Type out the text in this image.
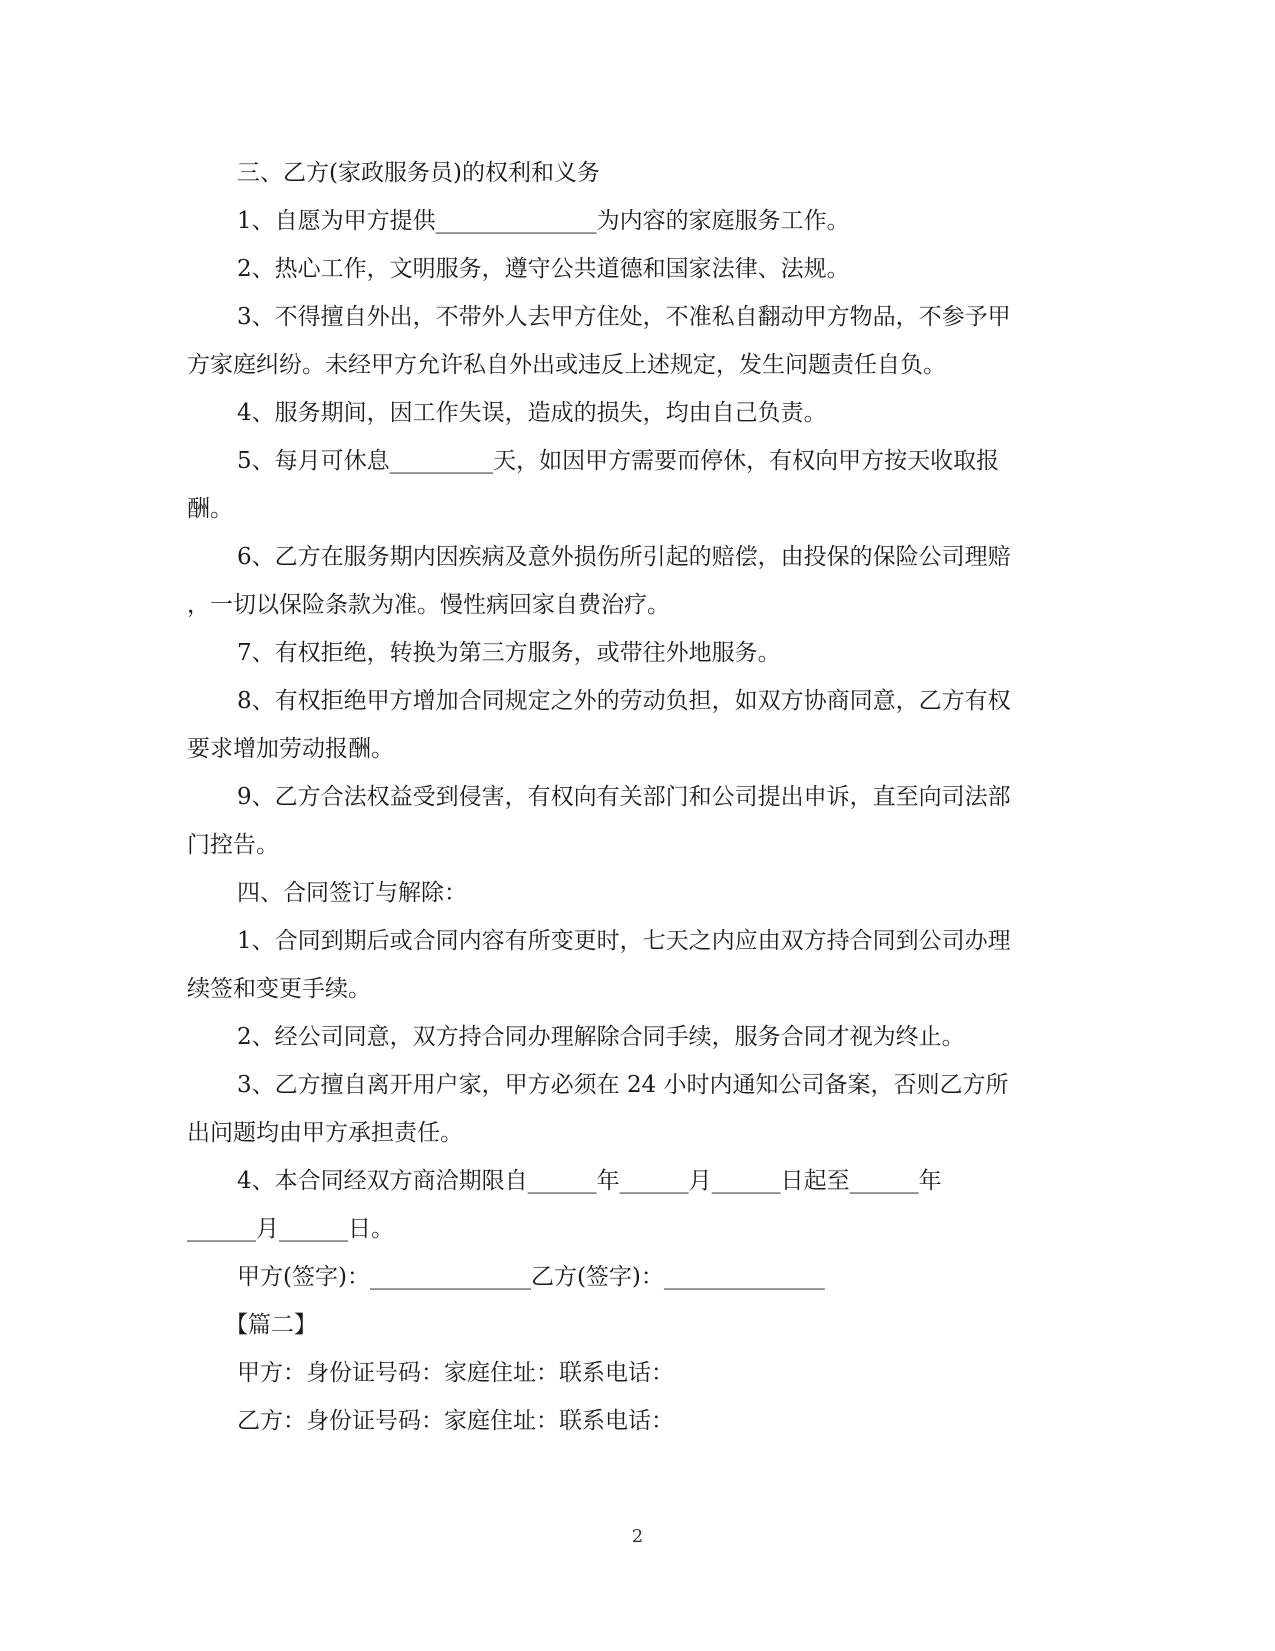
三、乙方(家政服务员)的权利和义务

1、自愿为甲方提供______________为内容的家庭服务工作。

2、热心工作，文明服务，遵守公共道德和国家法律、法规。

3、不得擅自外出，不带外人去甲方住处，不准私自翻动甲方物品，不参予甲

方家庭纠纷。未经甲方允许私自外出或违反上述规定，发生问题责任自负。

4、服务期间，因工作失误，造成的损失，均由自己负责。

5、每月可休息_________天，如因甲方需要而停休，有权向甲方按天收取报

酬。

6、乙方在服务期内因疾病及意外损伤所引起的赔偿，由投保的保险公司理赔

，一切以保险条款为准。慢性病回家自费治疗。

7、有权拒绝，转换为第三方服务，或带往外地服务。

8、有权拒绝甲方增加合同规定之外的劳动负担，如双方协商同意，乙方有权

要求增加劳动报酬。

9、乙方合法权益受到侵害，有权向有关部门和公司提出申诉，直至向司法部

门控告。

四、合同签订与解除：

1、合同到期后或合同内容有所变更时，七天之内应由双方持合同到公司办理

续签和变更手续。

2、经公司同意，双方持合同办理解除合同手续，服务合同才视为终止。

3、乙方擅自离开用户家，甲方必须在 24 小时内通知公司备案，否则乙方所

出问题均由甲方承担责任。

4、本合同经双方商洽期限自______年______月______日起至______年

______月______日。

甲方(签字)：______________乙方(签字)：______________

【篇二】

甲方：身份证号码：家庭住址：联系电话：

乙方：身份证号码：家庭住址：联系电话：

2
